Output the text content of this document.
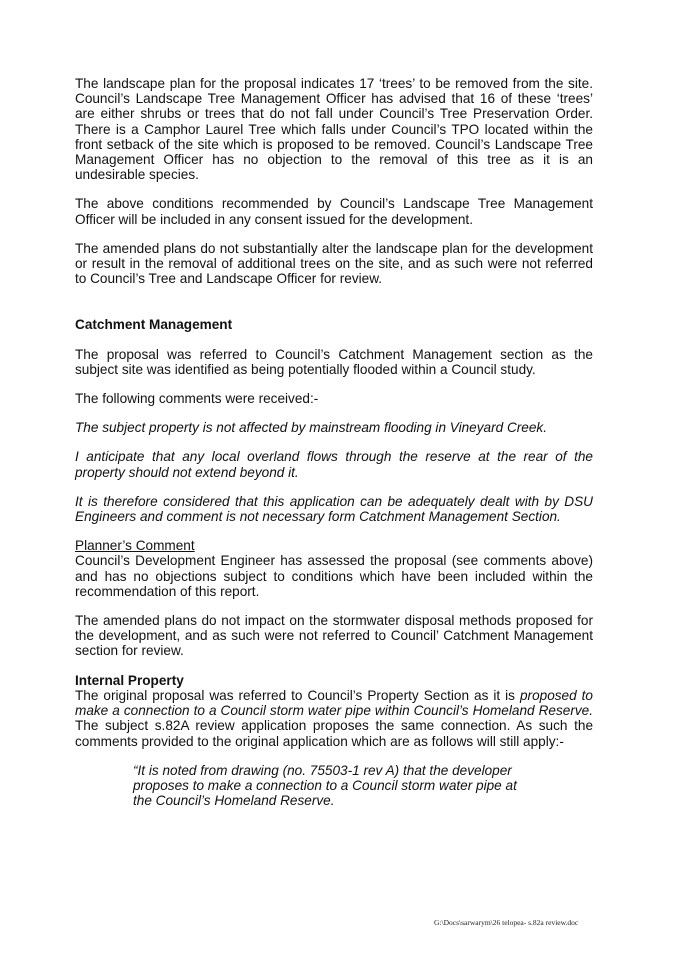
The landscape plan for the proposal indicates 17 ‘trees’ to be removed from the site. Council’s Landscape Tree Management Officer has advised that 16 of these ‘trees’ are either shrubs or trees that do not fall under Council’s Tree Preservation Order. There is a Camphor Laurel Tree which falls under Council’s TPO located within the front setback of the site which is proposed to be removed. Council’s Landscape Tree Management Officer has no objection to the removal of this tree as it is an undesirable species.

The above conditions recommended by Council’s Landscape Tree Management Officer will be included in any consent issued for the development.

The amended plans do not substantially alter the landscape plan for the development or result in the removal of additional trees on the site, and as such were not referred to Council’s Tree and Landscape Officer for review.

Catchment Management

The proposal was referred to Council’s Catchment Management section as the subject site was identified as being potentially flooded within a Council study.

The following comments were received:-

The subject property is not affected by mainstream flooding in Vineyard Creek.

I anticipate that any local overland flows through the reserve at the rear of the property should not extend beyond it.

It is therefore considered that this application can be adequately dealt with by DSU Engineers and comment is not necessary form Catchment Management Section.

Planner’s Comment

Council’s Development Engineer has assessed the proposal (see comments above) and has no objections subject to conditions which have been included within the recommendation of this report.

The amended plans do not impact on the stormwater disposal methods proposed for the development, and as such were not referred to Council’ Catchment Management section for review.

Internal Property

The original proposal was referred to Council’s Property Section as it is proposed to make a connection to a Council storm water pipe within Council’s Homeland Reserve. The subject s.82A review application proposes the same connection. As such the comments provided to the original application which are as follows will still apply:-

“It is noted from drawing (no. 75503-1 rev A) that the developer proposes to make a connection to a Council storm water pipe at the Council’s Homeland Reserve.

G:\Docs\sarwarym\26 telopea- s.82a review.doc
